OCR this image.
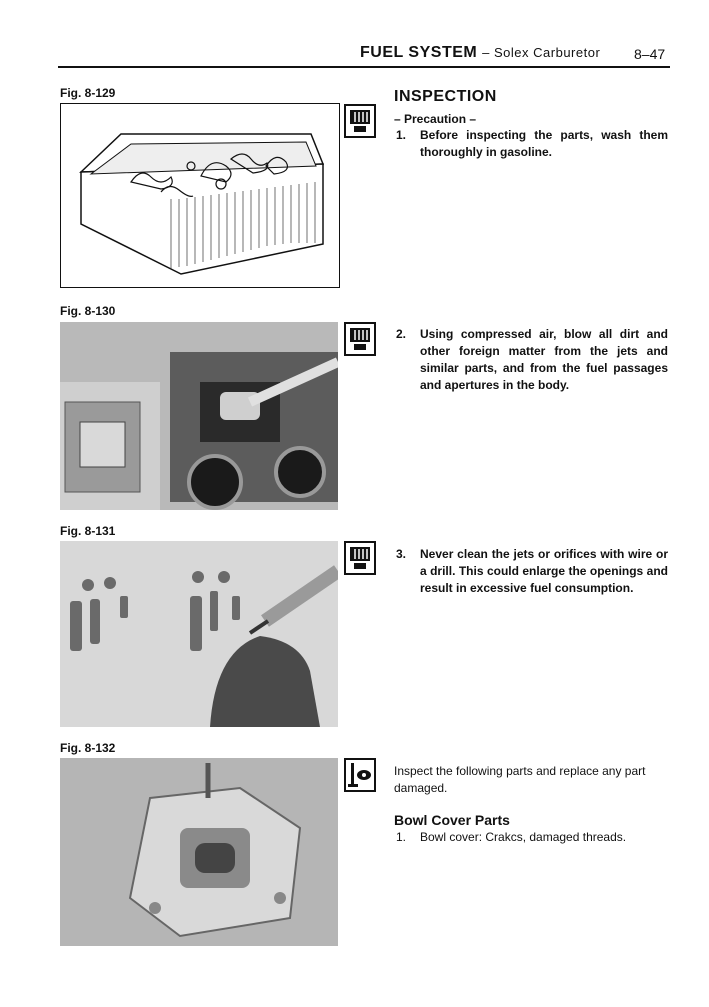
FUEL SYSTEM – Solex Carburetor 8–47
Fig. 8-129	INSPECTION
– Precaution –
1. Before inspecting the parts, wash them thoroughly in gasoline.
Fig. 8-130
2. Using compressed air, blow all dirt and other foreign matter from the jets and similar parts, and from the fuel passages and apertures in the body.
Fig. 8-131
3. Never clean the jets or orifices with wire or a drill. This could enlarge the openings and result in excessive fuel consumption.
Fig. 8-132
Inspect the following parts and replace any part damaged.
Bowl Cover Parts
1. Bowl cover: Crakcs, damaged threads.
